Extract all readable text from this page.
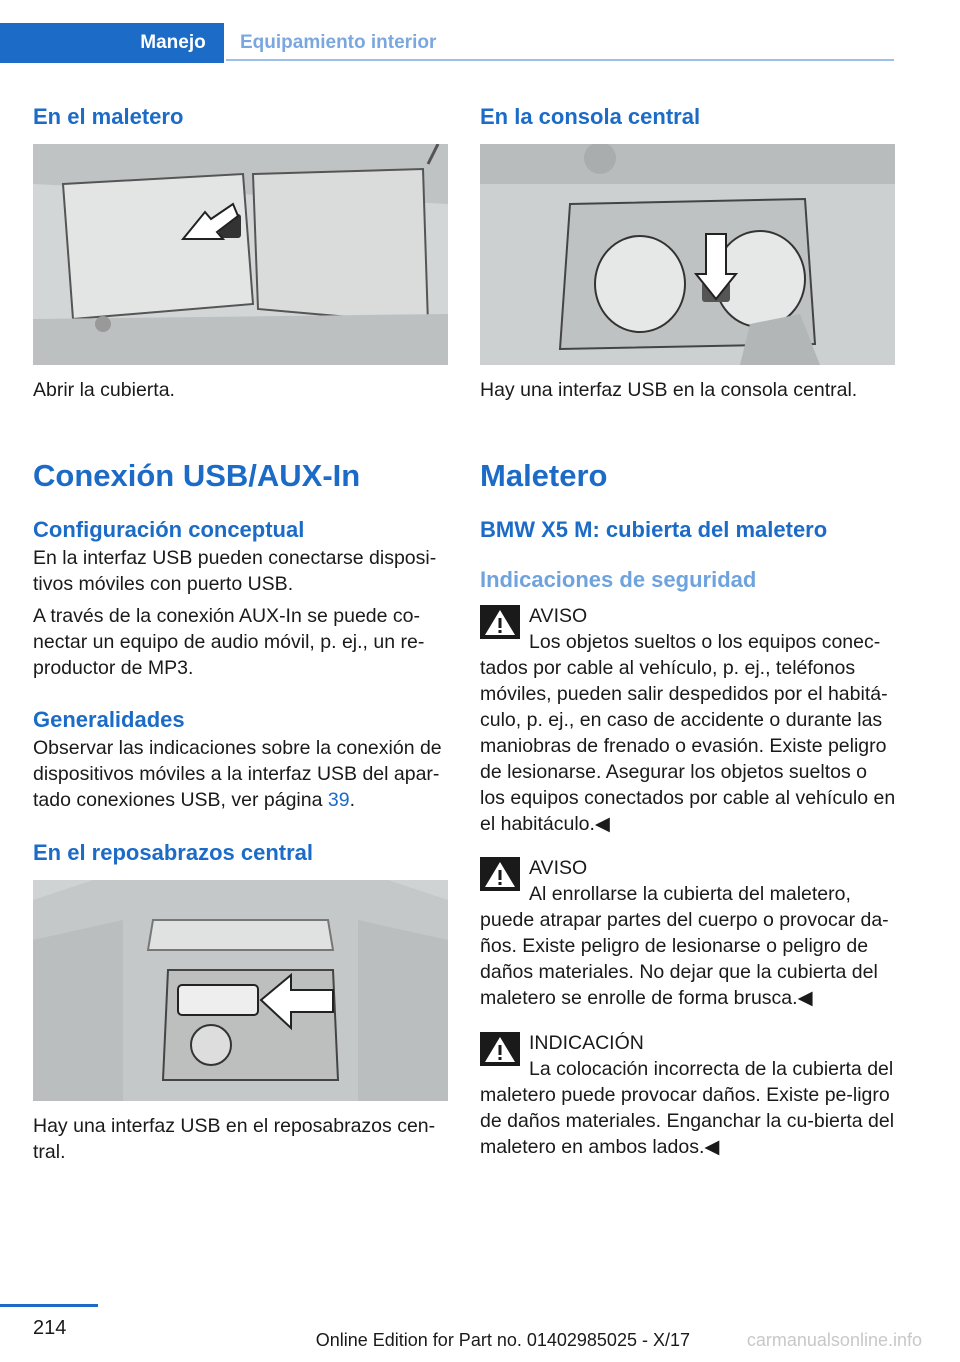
Manejo	Equipamiento interior
En el maletero

Abrir la cubierta.

Conexión USB/AUX-In
Configuración conceptual

En la interfaz USB pueden conectarse disposi-tivos móviles con puerto USB.

A través de la conexión AUX-In se puede co-nectar un equipo de audio móvil, p. ej., un re-productor de MP3.

Generalidades

Observar las indicaciones sobre la conexión de dispositivos móviles a la interfaz USB del apar-tado conexiones USB, ver página 39.

En el reposabrazos central

Hay una interfaz USB en el reposabrazos cen-tral.

En la consola central

Hay una interfaz USB en la consola central.

Maletero
BMW X5 M: cubierta del maletero
Indicaciones de seguridad

AVISO
Los objetos sueltos o los equipos conec-tados por cable al vehículo, p. ej., teléfonos móviles, pueden salir despedidos por el habitá-culo, p. ej., en caso de accidente o durante las maniobras de frenado o evasión. Existe peligro de lesionarse. Asegurar los objetos sueltos o los equipos conectados por cable al vehículo en el habitáculo.◀

AVISO
Al enrollarse la cubierta del maletero, puede atrapar partes del cuerpo o provocar da-ños. Existe peligro de lesionarse o peligro de daños materiales. No dejar que la cubierta del maletero se enrolle de forma brusca.◀

INDICACIÓN
La colocación incorrecta de la cubierta del maletero puede provocar daños. Existe pe-ligro de daños materiales. Enganchar la cu-bierta del maletero en ambos lados.◀

214
Online Edition for Part no. 01402985025 - X/17	carmanualsonline.info
